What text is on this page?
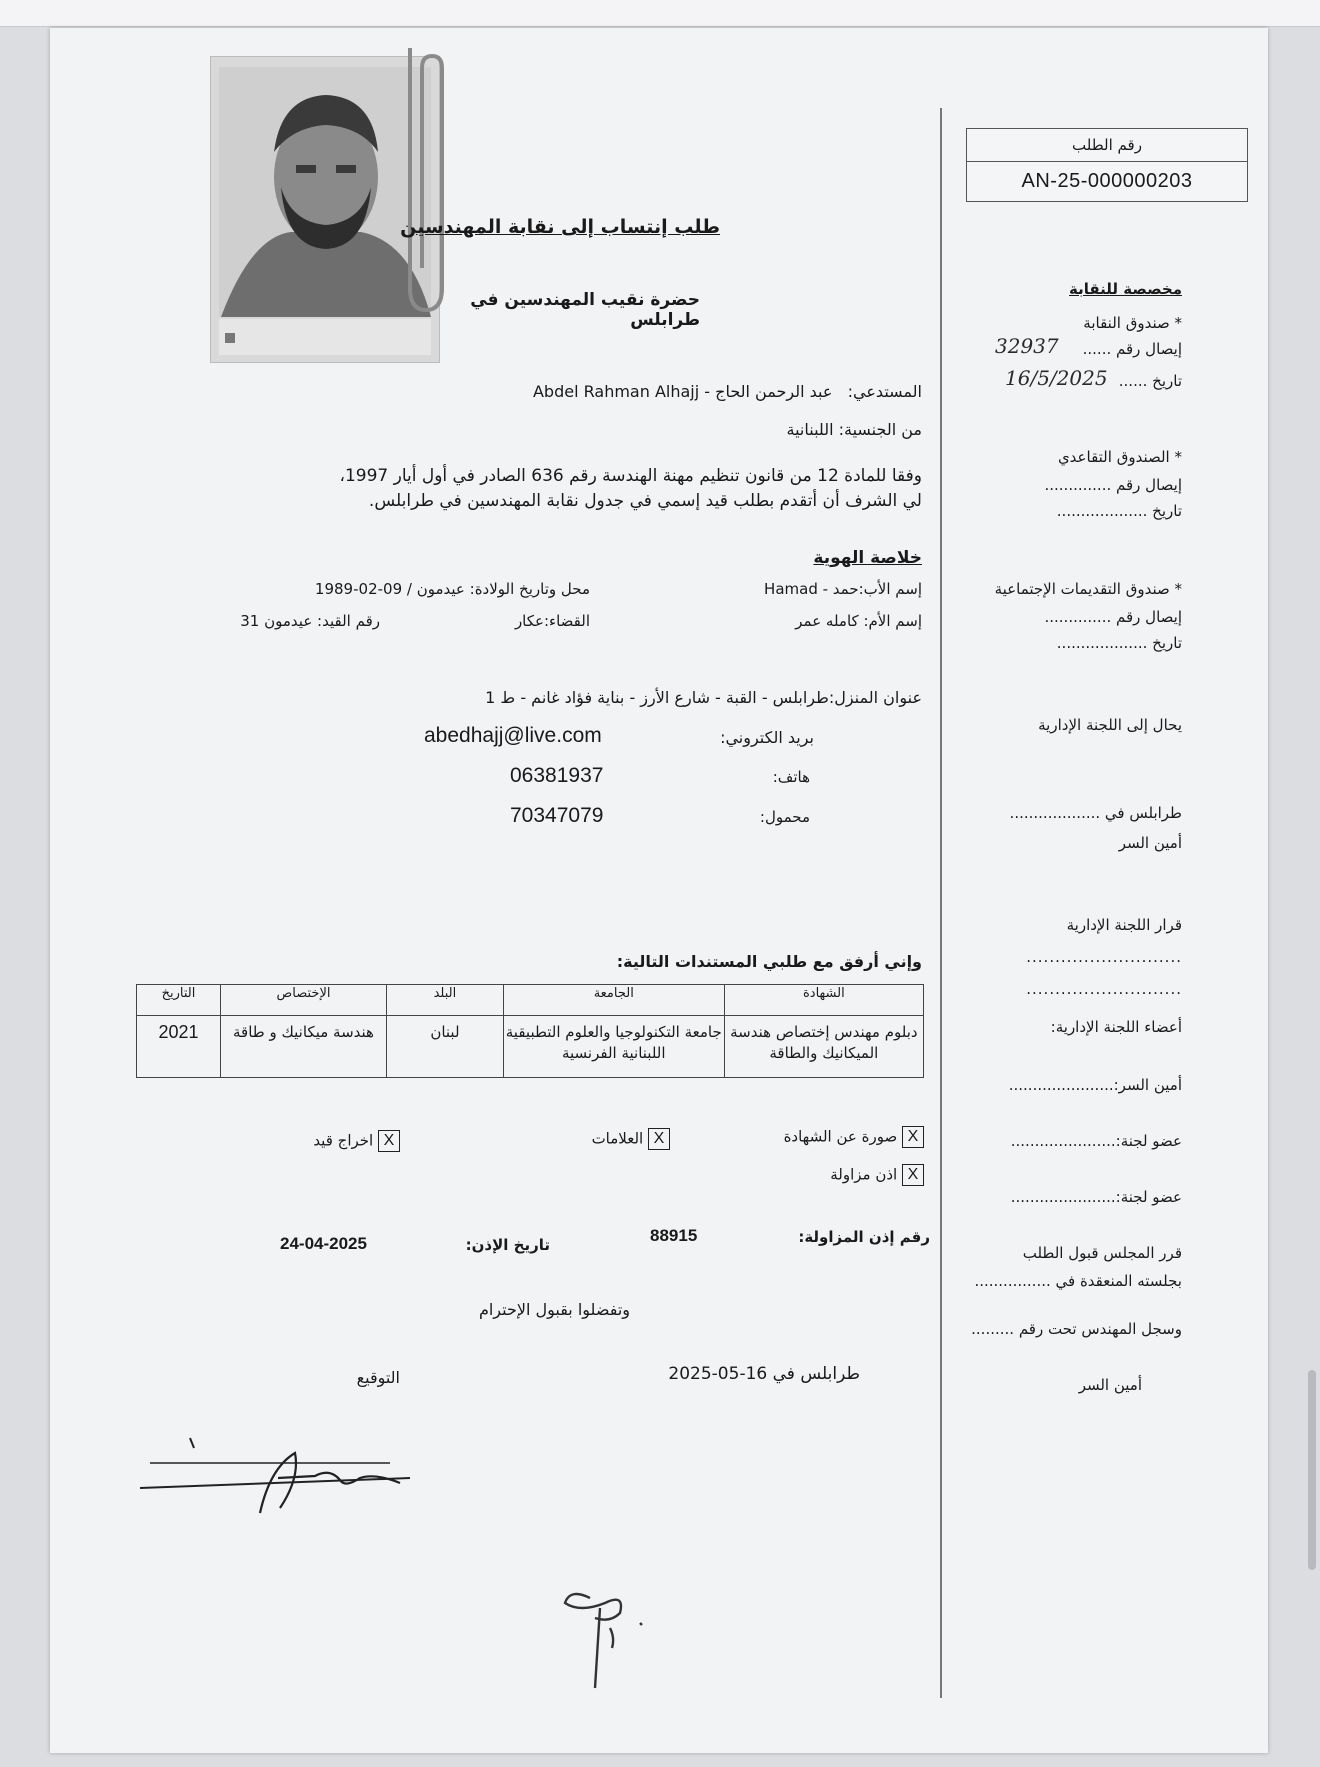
طلب إنتساب إلى نقابة المهندسين
حضرة نقيب المهندسين في طرابلس
رقم الطلب
AN-25-000000203
المستدعي:   عبد الرحمن الحاج - Abdel Rahman Alhajj
من الجنسية: اللبنانية
وفقا للمادة 12 من قانون تنظيم مهنة الهندسة رقم 636 الصادر في أول أيار 1997،
لي الشرف أن أتقدم بطلب قيد إسمي في جدول نقابة المهندسين في طرابلس.
خلاصة الهوية
إسم الأب:حمد - Hamad
محل وتاريخ الولادة: عيدمون / 09-02-1989
إسم الأم: كامله عمر
القضاء:عكار
رقم القيد: عيدمون 31
عنوان المنزل:طرابلس - القبة - شارع الأرز - بناية فؤاد غانم - ط 1
abedhajj@live.com	بريد الكتروني:
06381937	هاتف:
70347079	محمول:
وإني أرفق مع طلبي المستندات التالية:
الشهادة	الجامعة	البلد	الإختصاص	التاريخ
دبلوم مهندس إختصاص هندسة الميكانيك والطاقة	جامعة التكنولوجيا والعلوم التطبيقية اللبنانية الفرنسية	لبنان	هندسة ميكانيك و طاقة	2021
X صورة عن الشهادة
X العلامات
X اخراج قيد
X اذن مزاولة
88915	رقم إذن المزاولة:
24-04-2025	تاريخ الإذن:
وتفضلوا بقبول الإحترام
طرابلس في 16-05-2025
التوقيع
مخصصة للنقابة
* صندوق النقابة
إيصال رقم ......
32937
تاريخ ......
16/5/2025
* الصندوق التقاعدي
إيصال رقم ..............
تاريخ ...................
* صندوق التقديمات الإجتماعية
إيصال رقم ..............
تاريخ ...................
يحال إلى اللجنة الإدارية
طرابلس في ...................
أمين السر
قرار اللجنة الإدارية
...........................
...........................
أعضاء اللجنة الإدارية:
أمين السر:......................
عضو لجنة:......................
عضو لجنة:......................
قرر المجلس قبول الطلب
بجلسته المنعقدة في ................
وسجل المهندس تحت رقم .........
أمين السر
